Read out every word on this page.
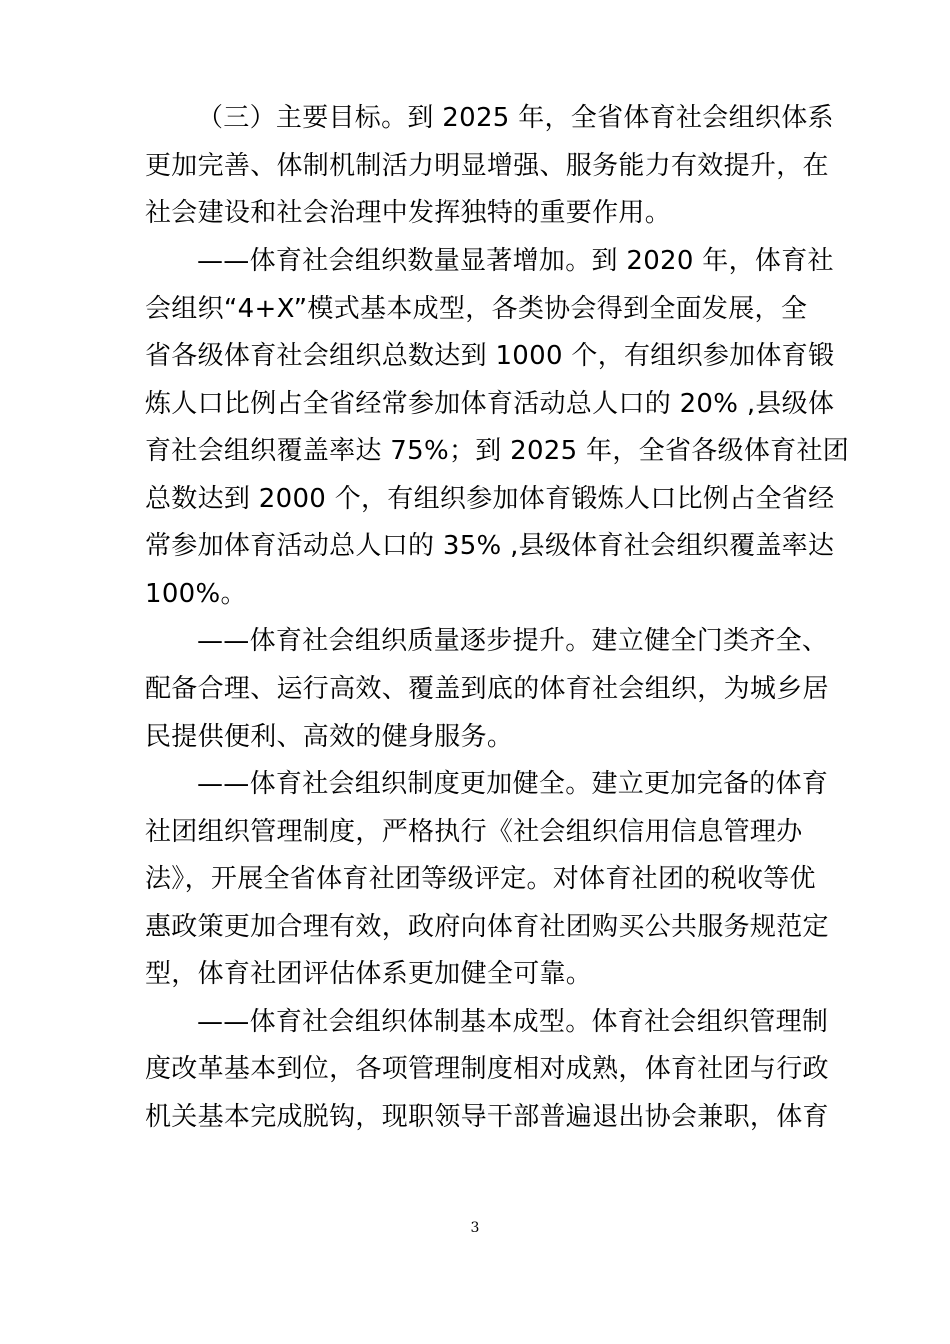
（三）主要目标。到 2025 年，全省体育社会组织体系
更加完善、体制机制活力明显增强、服务能力有效提升，在
社会建设和社会治理中发挥独特的重要作用。
——体育社会组织数量显著增加。到 2020 年，体育社
会组织“4+X”模式基本成型，各类协会得到全面发展，全
省各级体育社会组织总数达到 1000 个，有组织参加体育锻
炼人口比例占全省经常参加体育活动总人口的 20% ,县级体
育社会组织覆盖率达 75%；到 2025 年，全省各级体育社团
总数达到 2000 个，有组织参加体育锻炼人口比例占全省经
常参加体育活动总人口的 35% ,县级体育社会组织覆盖率达
100%。
——体育社会组织质量逐步提升。建立健全门类齐全、
配备合理、运行高效、覆盖到底的体育社会组织，为城乡居
民提供便利、高效的健身服务。
——体育社会组织制度更加健全。建立更加完备的体育
社团组织管理制度，严格执行《社会组织信用信息管理办
法》，开展全省体育社团等级评定。对体育社团的税收等优
惠政策更加合理有效，政府向体育社团购买公共服务规范定
型，体育社团评估体系更加健全可靠。
——体育社会组织体制基本成型。体育社会组织管理制
度改革基本到位，各项管理制度相对成熟，体育社团与行政
机关基本完成脱钩，现职领导干部普遍退出协会兼职，体育
3
